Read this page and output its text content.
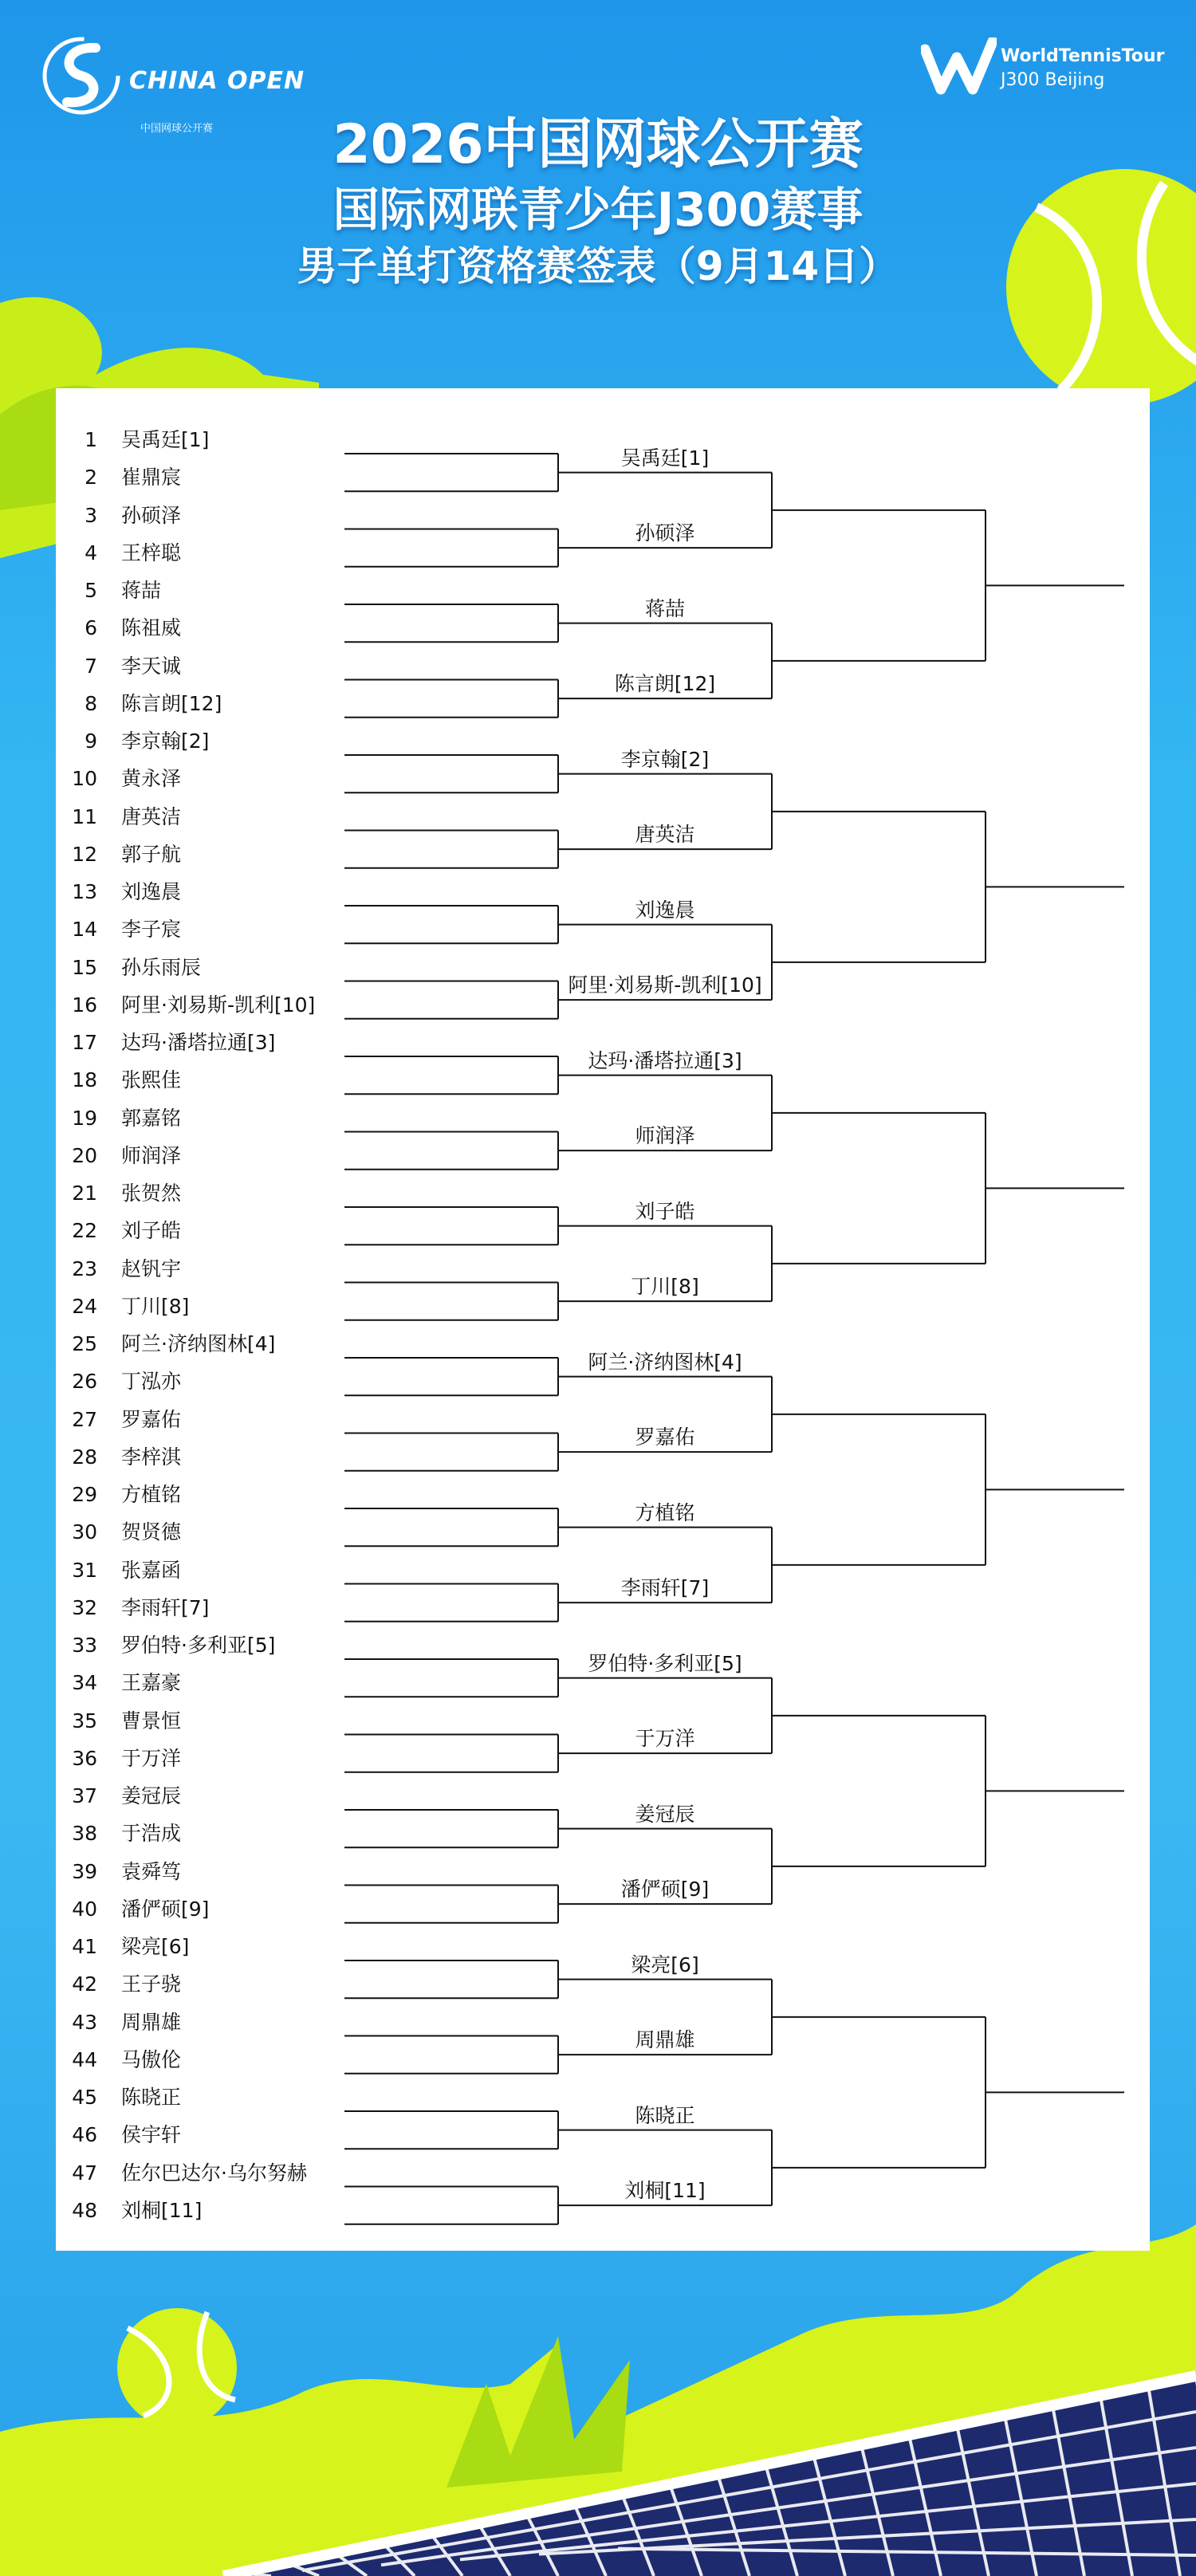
CHINA OPEN
中国网球公开赛
WorldTennisTour
J300 Beijing
2026中国网球公开赛
国际网联青少年J300赛事
男子单打资格赛签表（9月14日）
1 吴禹廷[1]
2 崔鼎宸
3 孙硕泽
4 王梓聪
5 蒋喆
6 陈祖威
7 李天诚
8 陈言朗[12]
9 李京翰[2]
10 黄永泽
11 唐英洁
12 郭子航
13 刘逸晨
14 李子宸
15 孙乐雨辰
16 阿里·刘易斯-凯利[10]
17 达玛·潘塔拉通[3]
18 张熙佳
19 郭嘉铭
20 师润泽
21 张贺然
22 刘子皓
23 赵钒宇
24 丁川[8]
25 阿兰·济纳图林[4]
26 丁泓亦
27 罗嘉佑
28 李梓淇
29 方植铭
30 贺贤德
31 张嘉函
32 李雨轩[7]
33 罗伯特·多利亚[5]
34 王嘉豪
35 曹景恒
36 于万洋
37 姜冠辰
38 于浩成
39 袁舜笃
40 潘俨硕[9]
41 梁亮[6]
42 王子骁
43 周鼎雄
44 马傲伦
45 陈晓正
46 侯宇轩
47 佐尔巴达尔·乌尔努赫
48 刘桐[11]
吴禹廷[1]
孙硕泽
蒋喆
陈言朗[12]
李京翰[2]
唐英洁
刘逸晨
阿里·刘易斯-凯利[10]
达玛·潘塔拉通[3]
师润泽
刘子皓
丁川[8]
阿兰·济纳图林[4]
罗嘉佑
方植铭
李雨轩[7]
罗伯特·多利亚[5]
于万洋
姜冠辰
潘俨硕[9]
梁亮[6]
周鼎雄
陈晓正
刘桐[11]
